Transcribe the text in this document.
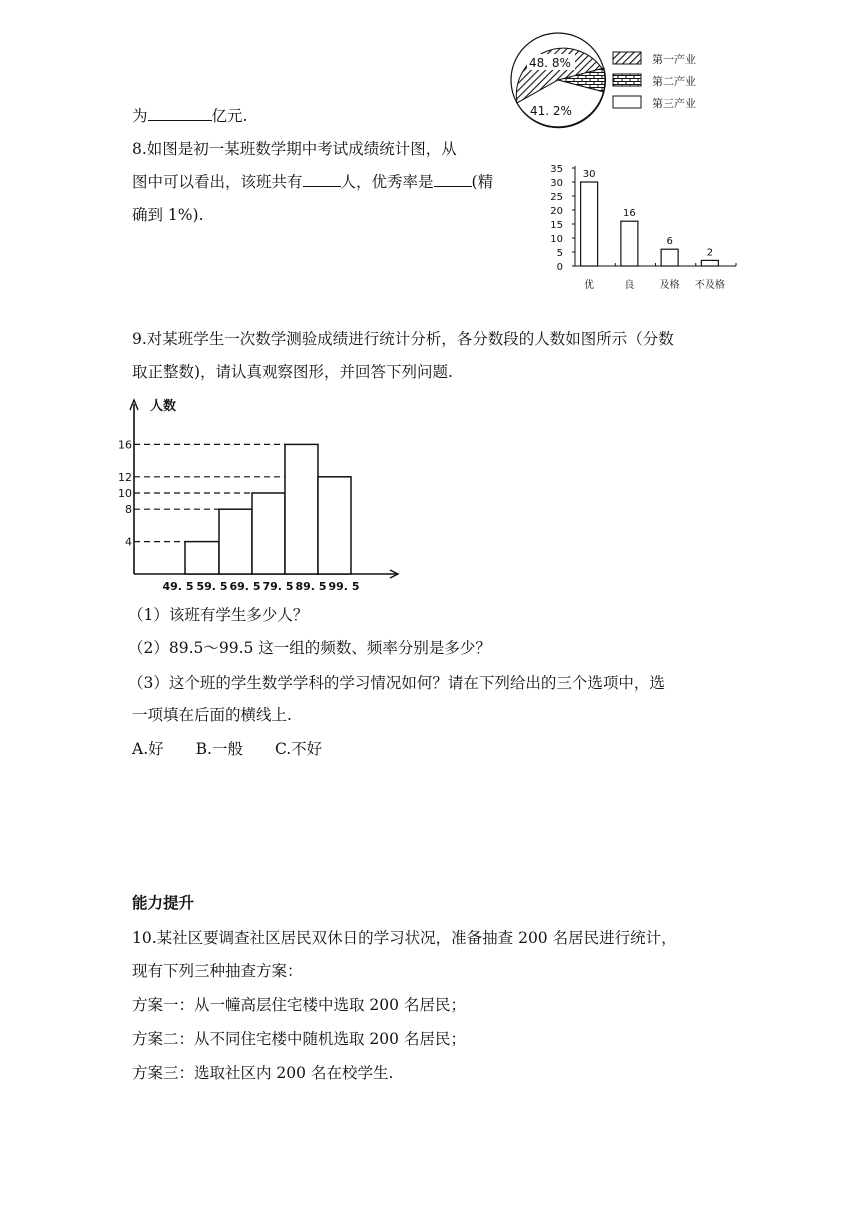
为	亿元.
48. 8%
41. 2%
第一产业
第二产业
第三产业
8.如图是初一某班数学期中考试成绩统计图，从
图中可以看出，该班共有 人，优秀率是 (精
确到 1%).
0
5
10
15
20
25
30
35 30
优
16
良
6
及格
2
不及格
9.对某班学生一次数学测验成绩进行统计分析，各分数段的人数如图所示（分数
取正整数)，请认真观察图形，并回答下列问题.
人数
4
8
10
12
16
49. 5 59. 5 69. 5 79. 5 89. 5 99. 5
（1）该班有学生多少人？
（2）89.5～99.5 这一组的频数、频率分别是多少？
（3）这个班的学生数学学科的学习情况如何？请在下列给出的三个选项中，选
一项填在后面的横线上.
A.好 B.一般 C.不好
能力提升
10.某社区要调查社区居民双休日的学习状况，准备抽查 200 名居民进行统计，
现有下列三种抽查方案：
方案一：从一幢高层住宅楼中选取 200 名居民；
方案二：从不同住宅楼中随机选取 200 名居民；
方案三：选取社区内 200 名在校学生.
